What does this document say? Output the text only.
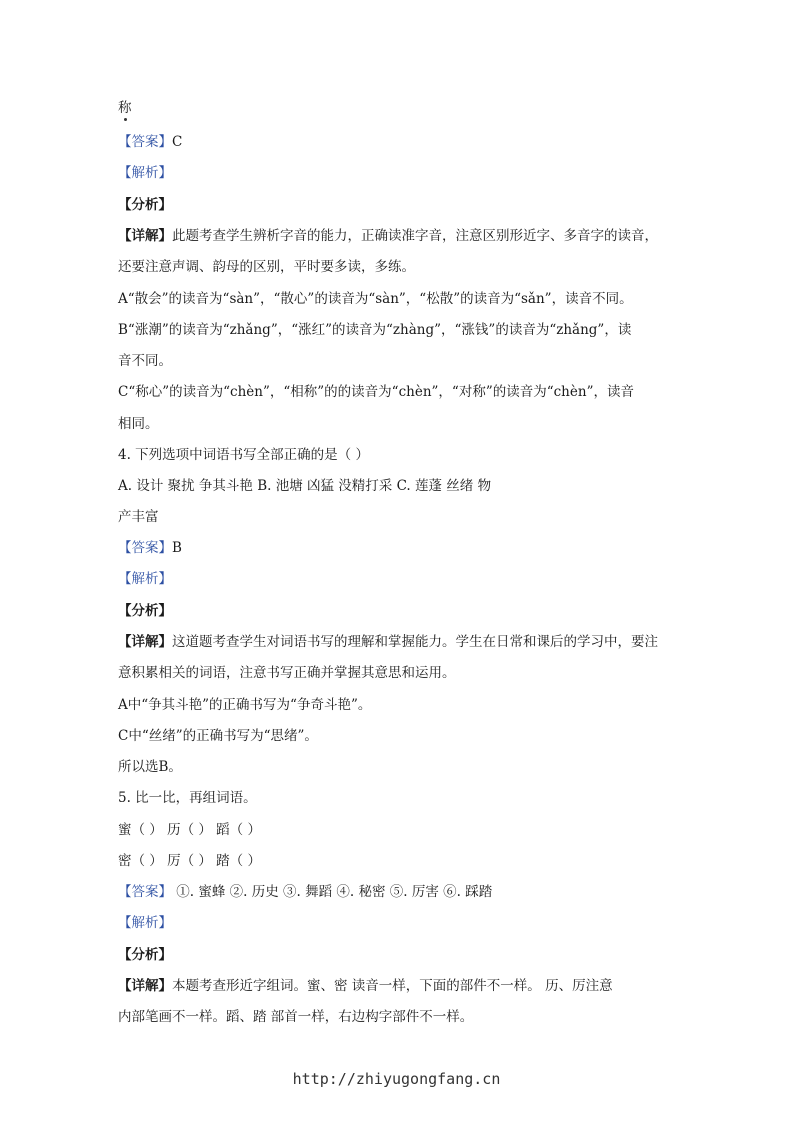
称
【答案】C
【解析】
【分析】
【详解】此题考查学生辨析字音的能力，正确读准字音，注意区别形近字、多音字的读音，
还要注意声调、韵母的区别，平时要多读，多练。
A“散会”的读音为“sàn”，“散心”的读音为“sàn”，“松散”的读音为“sǎn”，读音不同。
B“涨潮”的读音为“zhǎng”，“涨红”的读音为“zhàng”，“涨钱”的读音为“zhǎng”，读
音不同。
C“称心”的读音为“chèn”，“相称”的的读音为“chèn”，“对称”的读音为“chèn”，读音
相同。
4. 下列选项中词语书写全部正确的是（ ）
A. 设计 聚扰 争其斗艳 B. 池塘 凶猛 没精打采 C. 莲蓬 丝绪 物
产丰富
【答案】B
【解析】
【分析】
【详解】这道题考查学生对词语书写的理解和掌握能力。学生在日常和课后的学习中，要注
意积累相关的词语，注意书写正确并掌握其意思和运用。
A中“争其斗艳”的正确书写为“争奇斗艳”。
C中“丝绪”的正确书写为“思绪”。
所以选B。
5. 比一比，再组词语。
蜜（ ） 历（ ） 蹈（ ）
密（ ） 厉（ ） 踏（ ）
【答案】 ①. 蜜蜂 ②. 历史 ③. 舞蹈 ④. 秘密 ⑤. 厉害 ⑥. 踩踏
【解析】
【分析】
【详解】本题考查形近字组词。蜜、密 读音一样，下面的部件不一样。 历、厉注意
内部笔画不一样。蹈、踏 部首一样，右边构字部件不一样。
http://zhiyugongfang.cn
